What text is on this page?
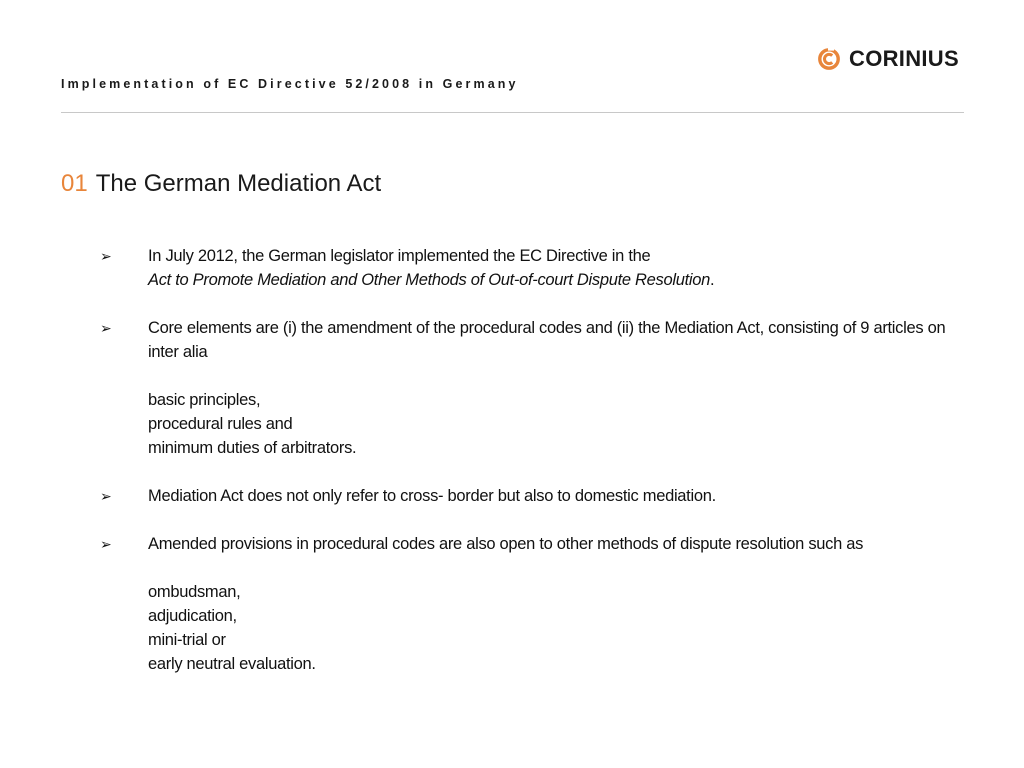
Implementation of EC Directive 52/2008 in Germany
CORINIUS
01 The German Mediation Act
➢	In July 2012, the German legislator implemented the EC Directive in the

Act to Promote Mediation and Other Methods of Out-of-court Dispute Resolution.

➢	Core elements are (i) the amendment of the procedural codes and (ii) the Mediation Act, consisting of 9 articles on inter alia

basic principles,

procedural rules and

minimum duties of arbitrators.

➢	Mediation Act does not only refer to cross- border but also to domestic mediation.

➢	Amended provisions in procedural codes are also open to other methods of dispute resolution such as

ombudsman,

adjudication,

mini-trial or

early neutral evaluation.
